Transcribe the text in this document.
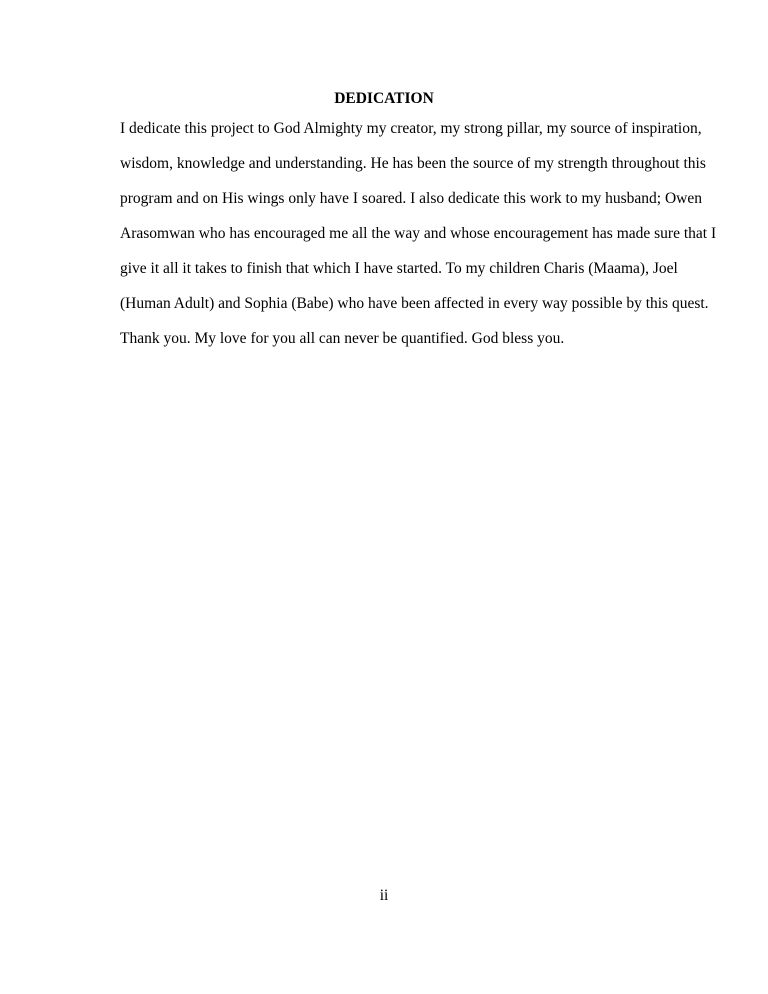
DEDICATION
I dedicate this project to God Almighty my creator, my strong pillar, my source of inspiration,
wisdom, knowledge and understanding. He has been the source of my strength throughout this
program and on His wings only have I soared. I also dedicate this work to my husband; Owen
Arasomwan who has encouraged me all the way and whose encouragement has made sure that I
give it all it takes to finish that which I have started. To my children Charis (Maama), Joel
(Human Adult) and Sophia (Babe) who have been affected in every way possible by this quest.
Thank you. My love for you all can never be quantified. God bless you.

ii
